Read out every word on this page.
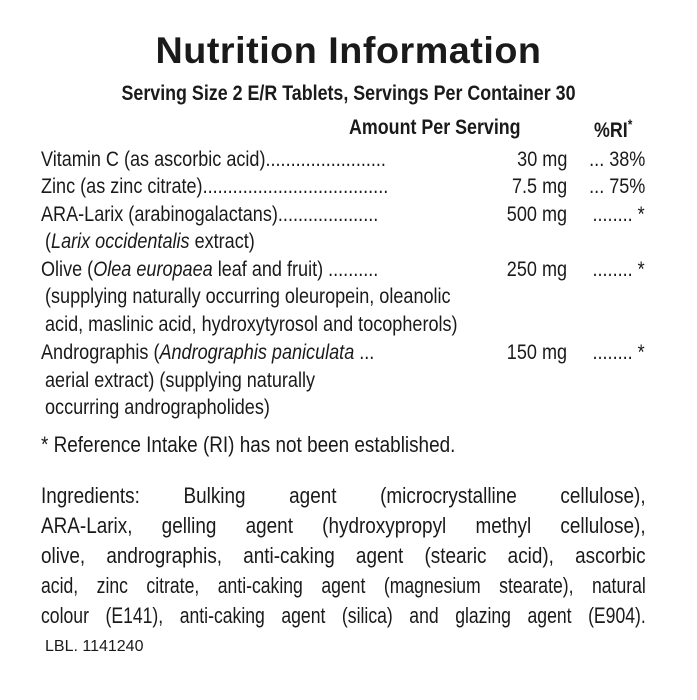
Nutrition Information
Serving Size 2 E/R Tablets, Servings Per Container 30
Amount Per Serving	%RI*
Vitamin C (as ascorbic acid)........................	30 mg ... 38%
Zinc (as zinc citrate).....................................	7.5 mg ... 75%
ARA-Larix (arabinogalactans)....................	500 mg ........ *
(Larix occidentalis extract)
Olive (Olea europaea leaf and fruit) ..........	250 mg ........ *
(supplying naturally occurring oleuropein, oleanolic
acid, maslinic acid, hydroxytyrosol and tocopherols)
Andrographis (Andrographis paniculata ...	150 mg ........ *
aerial extract) (supplying naturally
occurring andrographolides)
* Reference Intake (RI) has not been established.
Ingredients: Bulking agent (microcrystalline cellulose),
ARA-Larix, gelling agent (hydroxypropyl methyl cellulose),
olive, andrographis, anti-caking agent (stearic acid), ascorbic
acid, zinc citrate, anti-caking agent (magnesium stearate), natural
colour (E141), anti-caking agent (silica) and glazing agent (E904).
LBL. 1141240
